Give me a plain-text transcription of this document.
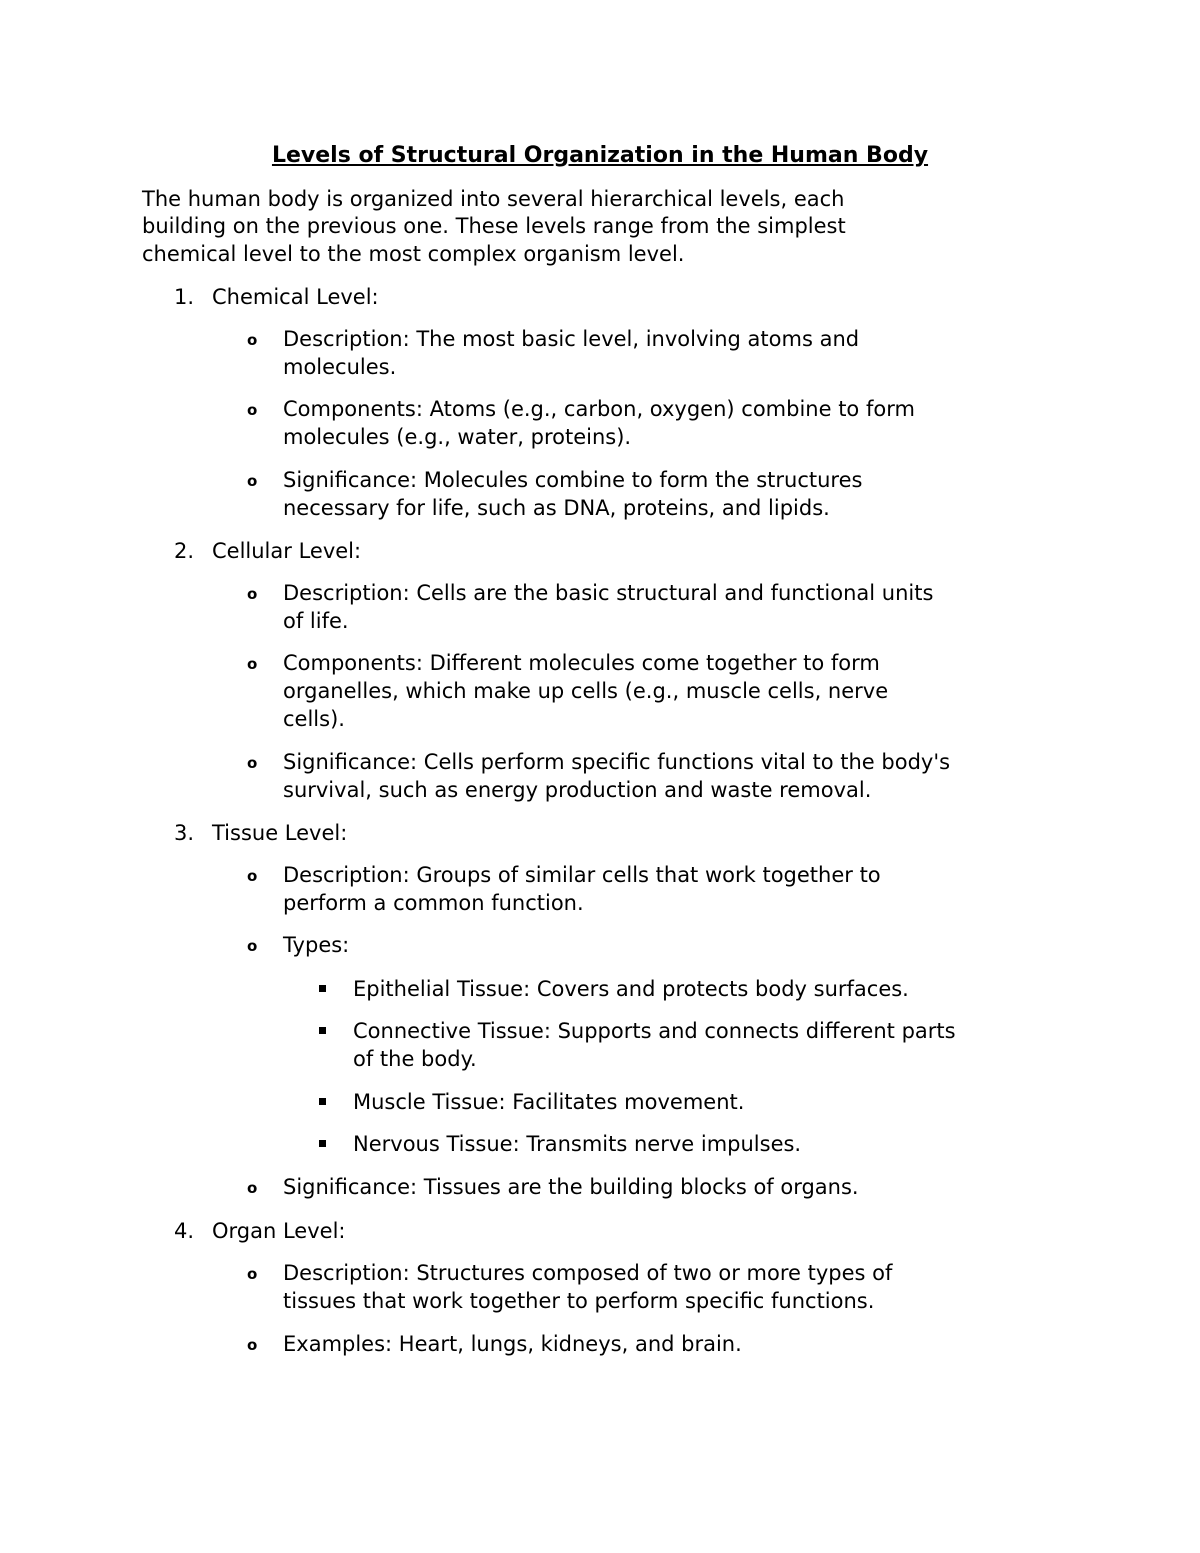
Levels of Structural Organization in the Human Body
The human body is organized into several hierarchical levels, each
building on the previous one. These levels range from the simplest
chemical level to the most complex organism level.
1. Chemical Level:
o Description: The most basic level, involving atoms and
molecules.
o Components: Atoms (e.g., carbon, oxygen) combine to form
molecules (e.g., water, proteins).
o Significance: Molecules combine to form the structures
necessary for life, such as DNA, proteins, and lipids.
2. Cellular Level:
o Description: Cells are the basic structural and functional units
of life.
o Components: Different molecules come together to form
organelles, which make up cells (e.g., muscle cells, nerve
cells).
o Significance: Cells perform specific functions vital to the body's
survival, such as energy production and waste removal.
3. Tissue Level:
o Description: Groups of similar cells that work together to
perform a common function.
o Types:
Epithelial Tissue: Covers and protects body surfaces.
Connective Tissue: Supports and connects different parts
of the body.
Muscle Tissue: Facilitates movement.
Nervous Tissue: Transmits nerve impulses.
o Significance: Tissues are the building blocks of organs.
4. Organ Level:
o Description: Structures composed of two or more types of
tissues that work together to perform specific functions.
o Examples: Heart, lungs, kidneys, and brain.
